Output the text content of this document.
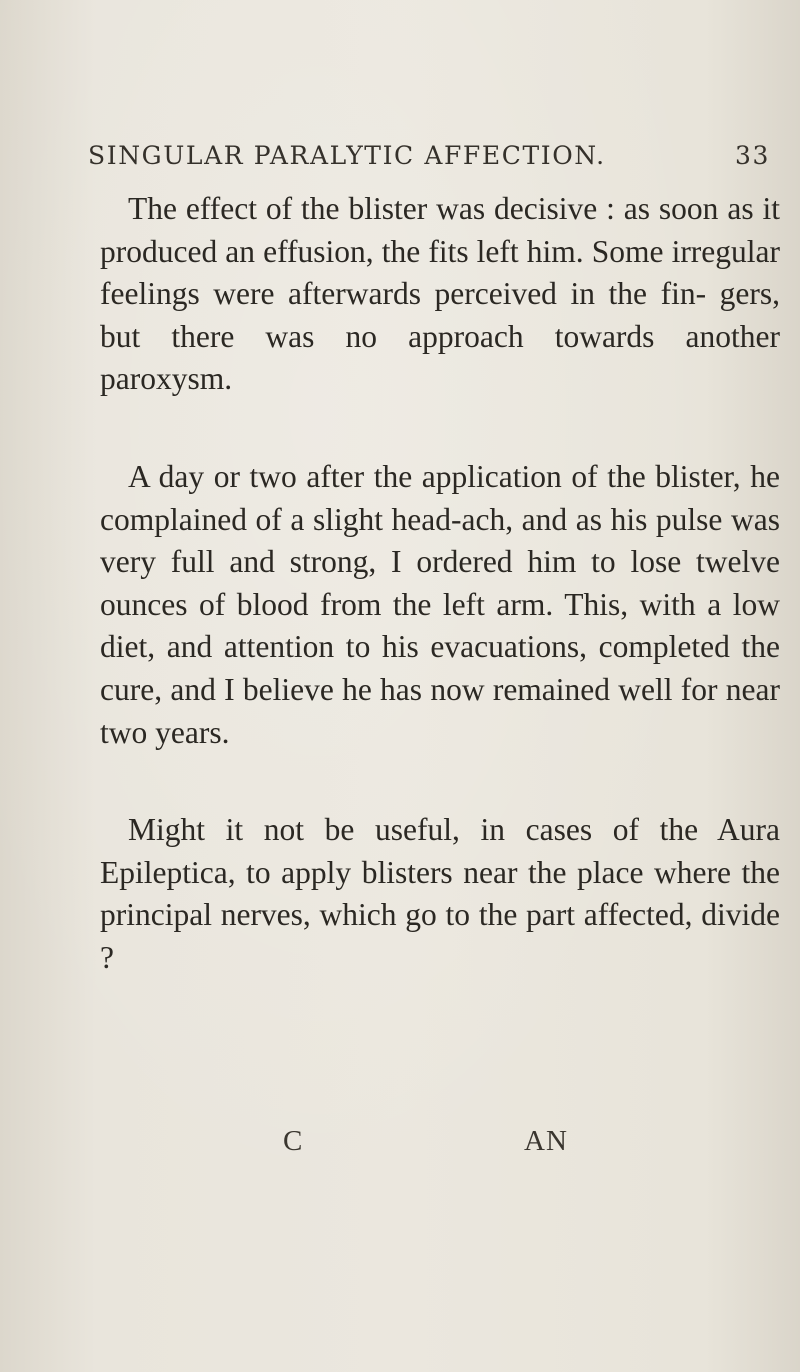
SINGULAR PARALYTIC AFFECTION.	33

The effect of the blister was decisive : as soon as it produced an effusion, the fits left him. Some irregular feelings were afterwards perceived in the fin- gers, but there was no approach towards another paroxysm.

A day or two after the application of the blister, he complained of a slight head-ach, and as his pulse was very full and strong, I ordered him to lose twelve ounces of blood from the left arm. This, with a low diet, and attention to his evacuations, completed the cure, and I believe he has now remained well for near two years.

Might it not be useful, in cases of the Aura Epileptica, to apply blisters near the place where the principal nerves, which go to the part affected, divide ?

C	AN
